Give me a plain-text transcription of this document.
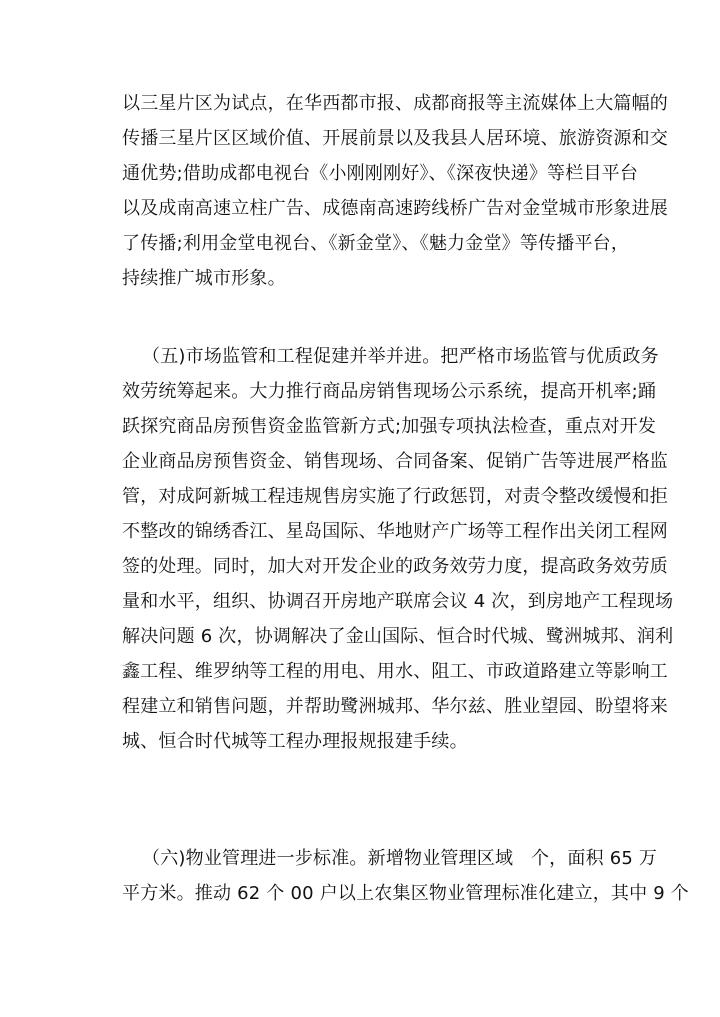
以三星片区为试点，在华西都市报、成都商报等主流媒体上大篇幅的
传播三星片区区域价值、开展前景以及我县人居环境、旅游资源和交
通优势;借助成都电视台《小刚刚刚好》、《深夜快递》等栏目平台
以及成南高速立柱广告、成德南高速跨线桥广告对金堂城市形象进展
了传播;利用金堂电视台、《新金堂》、《魅力金堂》等传播平台，
持续推广城市形象。
（五)市场监管和工程促建并举并进。把严格市场监管与优质政务
效劳统筹起来。大力推行商品房销售现场公示系统，提高开机率;踊
跃探究商品房预售资金监管新方式;加强专项执法检查，重点对开发
企业商品房预售资金、销售现场、合同备案、促销广告等进展严格监
管，对成阿新城工程违规售房实施了行政惩罚，对责令整改缓慢和拒
不整改的锦绣香江、星岛国际、华地财产广场等工程作出关闭工程网
签的处理。同时，加大对开发企业的政务效劳力度，提高政务效劳质
量和水平，组织、协调召开房地产联席会议 4 次，到房地产工程现场
解决问题 6 次，协调解决了金山国际、恒合时代城、鹭洲城邦、润利
鑫工程、维罗纳等工程的用电、用水、阻工、市政道路建立等影响工
程建立和销售问题，并帮助鹭洲城邦、华尔兹、胜业望园、盼望将来
城、恒合时代城等工程办理报规报建手续。
（六)物业管理进一步标准。新增物业管理区域   个，面积 65 万
平方米。推动 62 个 00 户以上农集区物业管理标准化建立，其中 9 个
